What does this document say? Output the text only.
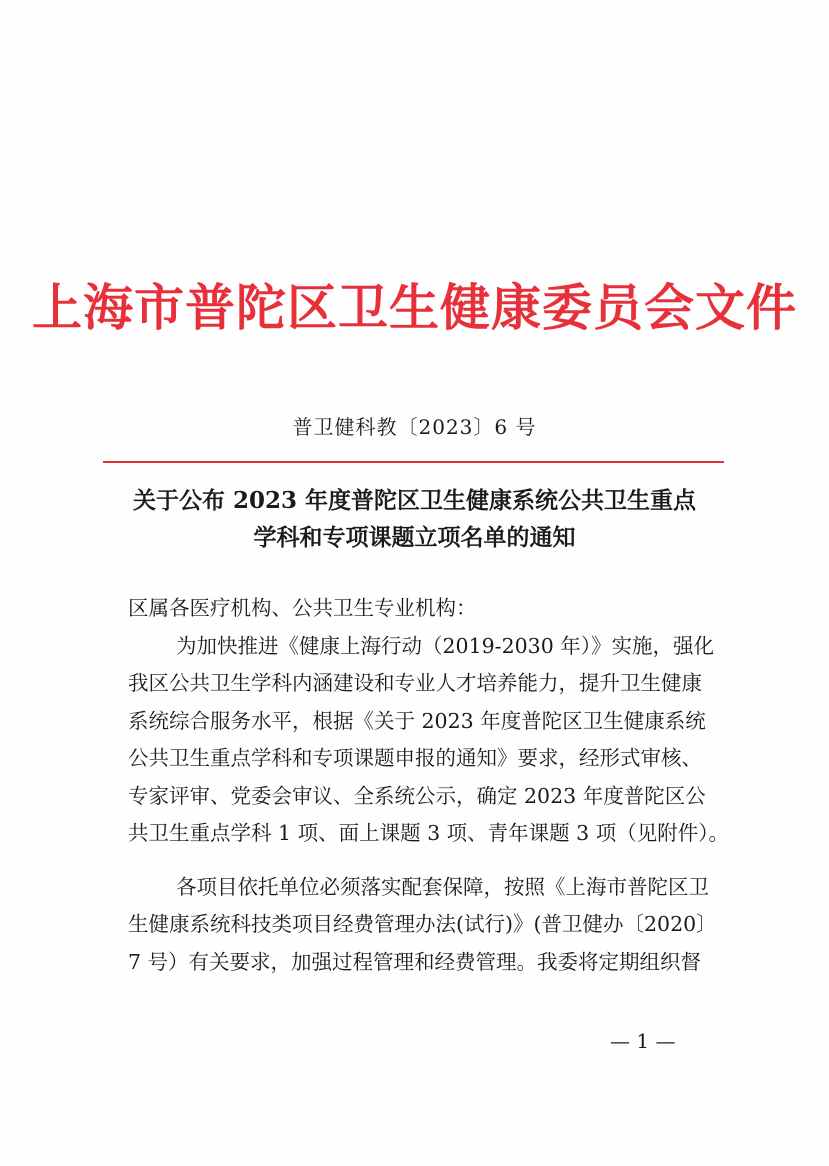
上海市普陀区卫生健康委员会文件
普卫健科教〔2023〕6 号
关于公布 2023 年度普陀区卫生健康系统公共卫生重点
学科和专项课题立项名单的通知

区属各医疗机构、公共卫生专业机构：

为加快推进《健康上海行动（2019-2030 年）》实施，强化

我区公共卫生学科内涵建设和专业人才培养能力，提升卫生健康

系统综合服务水平，根据《关于 2023 年度普陀区卫生健康系统

公共卫生重点学科和专项课题申报的通知》要求，经形式审核、

专家评审、党委会审议、全系统公示，确定 2023 年度普陀区公

共卫生重点学科 1 项、面上课题 3 项、青年课题 3 项（见附件）。

各项目依托单位必须落实配套保障，按照《上海市普陀区卫

生健康系统科技类项目经费管理办法(试行)》(普卫健办〔2020〕

7 号）有关要求，加强过程管理和经费管理。我委将定期组织督

— 1 —
